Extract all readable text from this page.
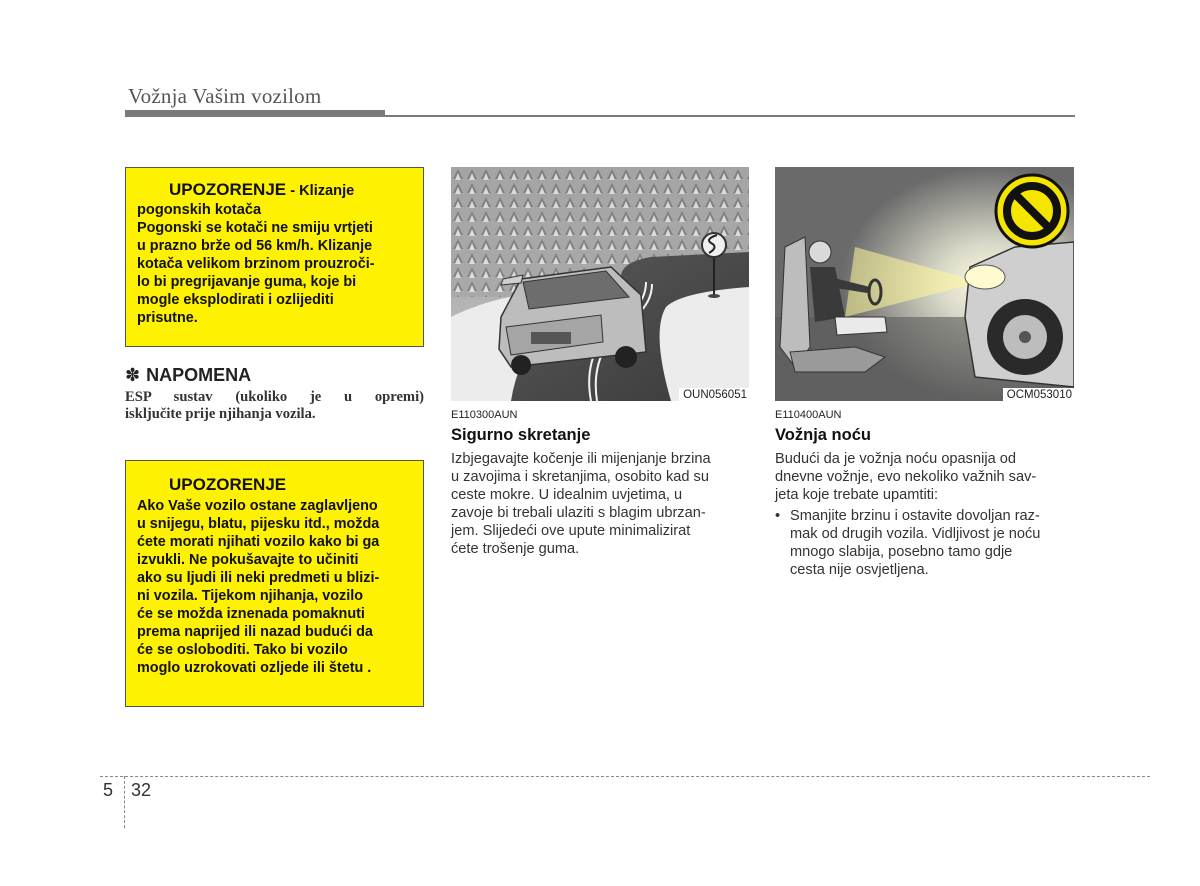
Vožnja Vašim vozilom
UPOZORENJE - Klizanje
pogonskih kotača
Pogonski se kotači ne smiju vrtjeti
u prazno brže od 56 km/h. Klizanje
kotača velikom brzinom prouzroči-
lo bi pregrijavanje guma, koje bi
mogle eksplodirati i ozlijediti
prisutne.
✽ NAPOMENA
ESP sustav (ukoliko je u opremi)
isključite prije njihanja vozila.
UPOZORENJE
Ako Vaše vozilo ostane zaglavljeno
u snijegu, blatu, pijesku itd., možda
ćete morati njihati vozilo kako bi ga
izvukli. Ne pokušavajte to učiniti
ako su ljudi ili neki predmeti u blizi-
ni vozila. Tijekom njihanja, vozilo
će se možda iznenada pomaknuti
prema naprijed ili nazad budući da
će se osloboditi. Tako bi vozilo
moglo uzrokovati ozljede ili štetu .
OUN056051	OCM053010
E110300AUN
Sigurno skretanje
Izbjegavajte kočenje ili mijenjanje brzina
u zavojima i skretanjima, osobito kad su
ceste mokre. U idealnim uvjetima, u
zavoje bi trebali ulaziti s blagim ubrzan-
jem. Slijedeći ove upute minimalizirat
ćete trošenje guma.
E110400AUN
Vožnja noću
Budući da je vožnja noću opasnija od
dnevne vožnje, evo nekoliko važnih sav-
jeta koje trebate upamtiti:
• Smanjite brzinu i ostavite dovoljan raz-
mak od drugih vozila. Vidljivost je noću
mnogo slabija, posebno tamo gdje
cesta nije osvjetljena.
5 32
